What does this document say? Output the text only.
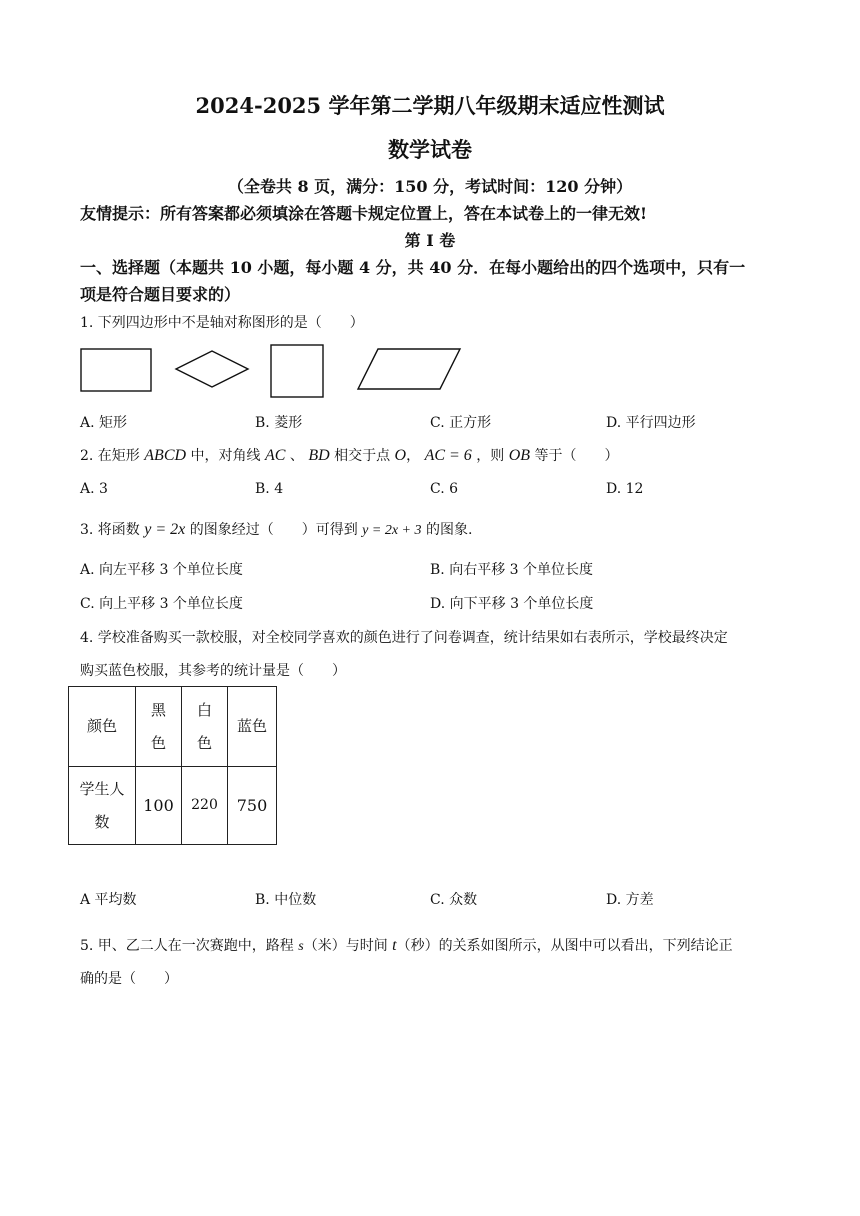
2024-2025 学年第二学期八年级期末适应性测试
数学试卷
（全卷共 8 页，满分：150 分，考试时间：120 分钟）
友情提示：所有答案都必须填涂在答题卡规定位置上，答在本试卷上的一律无效!
第 I 卷
一、选择题（本题共 10 小题，每小题 4 分，共 40 分．在每小题给出的四个选项中，只有一
项是符合题目要求的）
1. 下列四边形中不是轴对称图形的是（　　）
A. 矩形	B. 菱形	C. 正方形	D. 平行四边形
2. 在矩形 ABCD 中，对角线 AC 、 BD 相交于点 O， AC = 6 ，则 OB 等于（　　）
A. 3	B. 4	C. 6	D. 12
3. 将函数 y = 2x 的图象经过（　　）可得到 y = 2x + 3 的图象.
A. 向左平移 3 个单位长度	B. 向右平移 3 个单位长度
C. 向上平移 3 个单位长度	D. 向下平移 3 个单位长度
4. 学校准备购买一款校服，对全校同学喜欢的颜色进行了问卷调查，统计结果如右表所示，学校最终决定
购买蓝色校服，其参考的统计量是（　　）
颜色	黑色	白色	蓝色
学生人数	100	220	750
A 平均数	B. 中位数	C. 众数	D. 方差
5. 甲、乙二人在一次赛跑中，路程 s（米）与时间 t（秒）的关系如图所示，从图中可以看出，下列结论正
确的是（　　）
